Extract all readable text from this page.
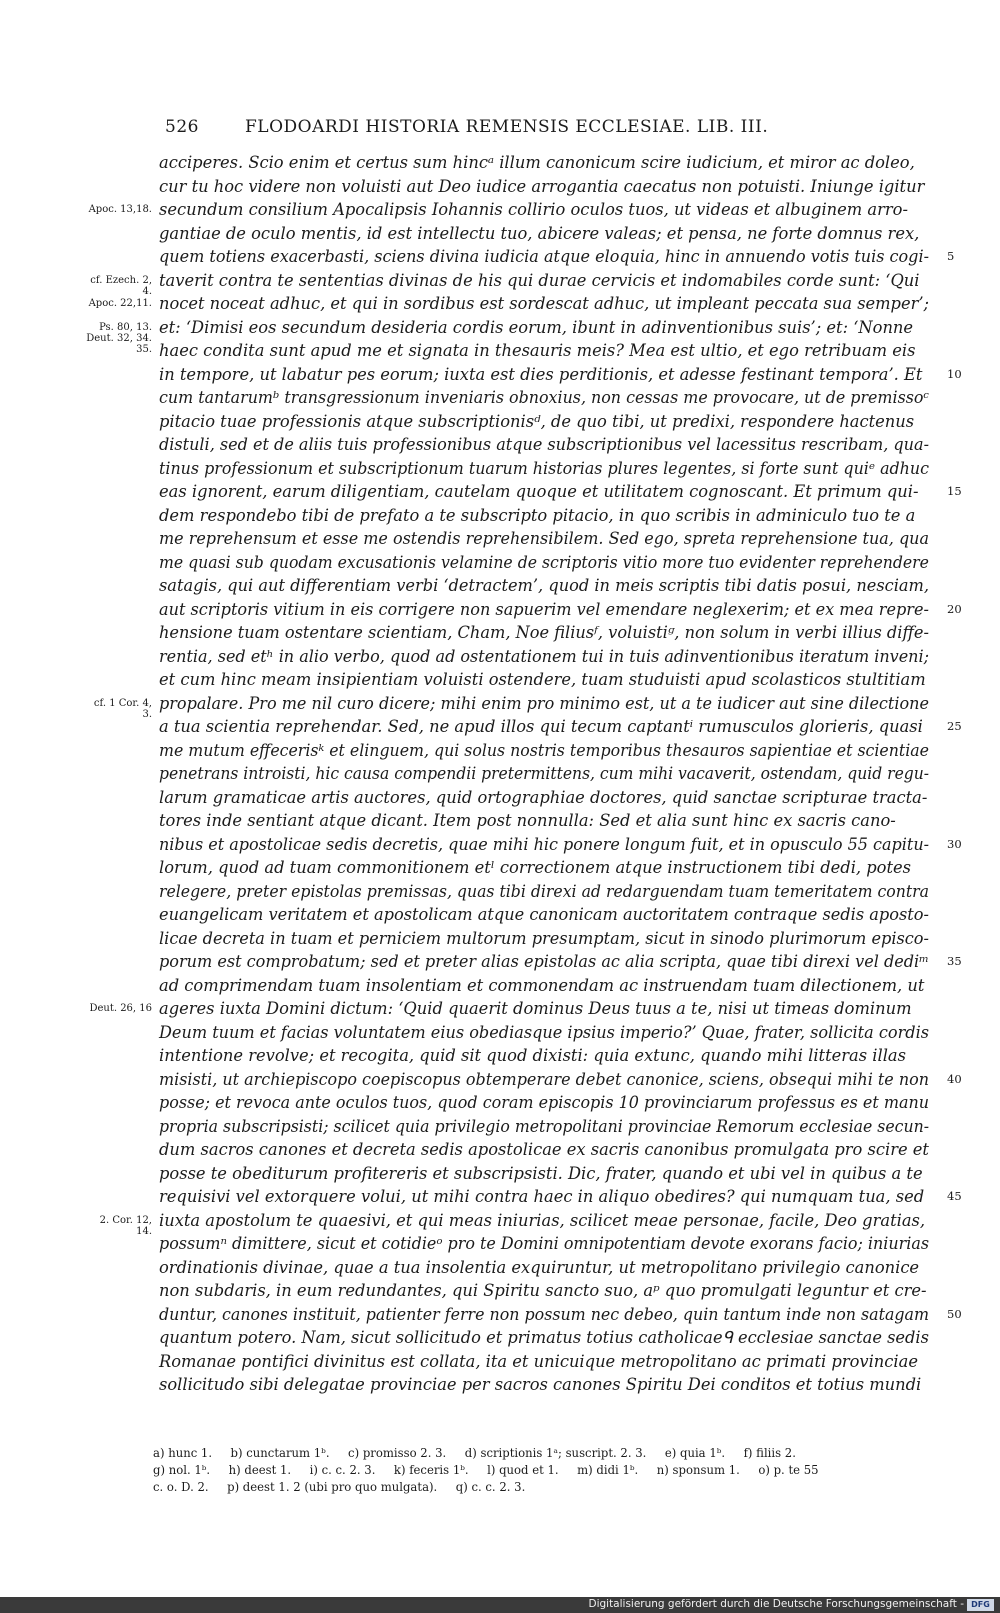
526	FLODOARDI HISTORIA REMENSIS ECCLESIAE. LIB. III.
acciperes. Scio enim et certus sum hincᵃ illum canonicum scire iudicium, et miror ac doleo,
cur tu hoc videre non voluisti aut Deo iudice arrogantia caecatus non potuisti. Iniunge igitur
secundum consilium Apocalipsis Iohannis collirio oculos tuos, ut videas et albuginem arro-
Apoc. 13,18.
gantiae de oculo mentis, id est intellectu tuo, abicere valeas; et pensa, ne forte domnus rex,
quem totiens exacerbasti, sciens divina iudicia atque eloquia, hinc in annuendo votis tuis cogi- 5
taverit contra te sententias divinas de his qui durae cervicis et indomabiles corde sunt: ‘Qui
cf. Ezech. 2, 4.
nocet noceat adhuc, et qui in sordibus est sordescat adhuc, ut impleant peccata sua semper’;
Apoc. 22,11.
et: ‘Dimisi eos secundum desideria cordis eorum, ibunt in adinventionibus suis’; et: ‘Nonne
Ps. 80, 13. Deut. 32, 34. 35. haec condita sunt apud me et signata in thesauris meis? Mea est ultio, et ego retribuam eis
in tempore, ut labatur pes eorum; iuxta est dies perditionis, et adesse festinant tempora’. Et 10
cum tantarumᵇ transgressionum inveniaris obnoxius, non cessas me provocare, ut de premissoᶜ
pitacio tuae professionis atque subscriptionisᵈ, de quo tibi, ut predixi, respondere hactenus
distuli, sed et de aliis tuis professionibus atque subscriptionibus vel lacessitus rescribam, qua-
tinus professionum et subscriptionum tuarum historias plures legentes, si forte sunt quiᵉ adhuc
eas ignorent, earum diligentiam, cautelam quoque et utilitatem cognoscant. Et primum qui- 15
dem respondebo tibi de prefato a te subscripto pitacio, in quo scribis in adminiculo tuo te a
me reprehensum et esse me ostendis reprehensibilem. Sed ego, spreta reprehensione tua, qua
me quasi sub quodam excusationis velamine de scriptoris vitio more tuo evidenter reprehendere
satagis, qui aut differentiam verbi ‘detractem’, quod in meis scriptis tibi datis posui, nesciam,
aut scriptoris vitium in eis corrigere non sapuerim vel emendare neglexerim; et ex mea repre- 20
hensione tuam ostentare scientiam, Cham, Noe filiusᶠ, voluistiᵍ, non solum in verbi illius diffe-
rentia, sed etʰ in alio verbo, quod ad ostentationem tui in tuis adinventionibus iteratum inveni;
et cum hinc meam insipientiam voluisti ostendere, tuam studuisti apud scolasticos stultitiam
propalare. Pro me nil curo dicere; mihi enim pro minimo est, ut a te iudicer aut sine dilectione
cf. 1 Cor. 4, 3.
a tua scientia reprehendar. Sed, ne apud illos qui tecum captantⁱ rumusculos glorieris, quasi 25
me mutum effecerisᵏ et elinguem, qui solus nostris temporibus thesauros sapientiae et scientiae
penetrans introisti, hic causa compendii pretermittens, cum mihi vacaverit, ostendam, quid regu-
larum gramaticae artis auctores, quid ortographiae doctores, quid sanctae scripturae tracta-
tores inde sentiant atque dicant. Item post nonnulla: Sed et alia sunt hinc ex sacris cano-
nibus et apostolicae sedis decretis, quae mihi hic ponere longum fuit, et in opusculo 55 capitu- 30
lorum, quod ad tuam commonitionem etˡ correctionem atque instructionem tibi dedi, potes
relegere, preter epistolas premissas, quas tibi direxi ad redarguendam tuam temeritatem contra
euangelicam veritatem et apostolicam atque canonicam auctoritatem contraque sedis aposto-
licae decreta in tuam et perniciem multorum presumptam, sicut in sinodo plurimorum episco-
porum est comprobatum; sed et preter alias epistolas ac alia scripta, quae tibi direxi vel dediᵐ 35
ad comprimendam tuam insolentiam et commonendam ac instruendam tuam dilectionem, ut
ageres iuxta Domini dictum: ‘Quid quaerit dominus Deus tuus a te, nisi ut timeas dominum
Deut. 26, 16
Deum tuum et facias voluntatem eius obediasque ipsius imperio?’ Quae, frater, sollicita cordis
intentione revolve; et recogita, quid sit quod dixisti: quia extunc, quando mihi litteras illas
misisti, ut archiepiscopo coepiscopus obtemperare debet canonice, sciens, obsequi mihi te non 40
posse; et revoca ante oculos tuos, quod coram episcopis 10 provinciarum professus es et manu
propria subscripsisti; scilicet quia privilegio metropolitani provinciae Remorum ecclesiae secun-
dum sacros canones et decreta sedis apostolicae ex sacris canonibus promulgata pro scire et
posse te obediturum profitereris et subscripsisti. Dic, frater, quando et ubi vel in quibus a te
requisivi vel extorquere volui, ut mihi contra haec in aliquo obedires? qui numquam tua, sed 45
iuxta apostolum te quaesivi, et qui meas iniurias, scilicet meae personae, facile, Deo gratias,
2. Cor. 12, 14.
possumⁿ dimittere, sicut et cotidieᵒ pro te Domini omnipotentiam devote exorans facio; iniurias
ordinationis divinae, quae a tua insolentia exquiruntur, ut metropolitano privilegio canonice
non subdaris, in eum redundantes, qui Spiritu sancto suo, aᵖ quo promulgati leguntur et cre-
duntur, canones instituit, patienter ferre non possum nec debeo, quin tantum inde non satagam 50
quantum potero. Nam, sicut sollicitudo et primatus totius catholicaeᑫ ecclesiae sanctae sedis
Romanae pontifici divinitus est collata, ita et unicuique metropolitano ac primati provinciae
sollicitudo sibi delegatae provinciae per sacros canones Spiritu Dei conditos et totius mundi
a) hunc 1.     b) cunctarum 1ᵇ.     c) promisso 2. 3.     d) scriptionis 1ᵃ; suscript. 2. 3.     e) quia 1ᵇ.     f) filiis 2.
g) nol. 1ᵇ.     h) deest 1.     i) c. c. 2. 3.     k) feceris 1ᵇ.     l) quod et 1.     m) didi 1ᵇ.     n) sponsum 1.     o) p. te 55
c. o. D. 2.     p) deest 1. 2 (ubi pro quo mulgata).     q) c. c. 2. 3.
Digitalisierung gefördert durch die Deutsche Forschungsgemeinschaft - DFG
